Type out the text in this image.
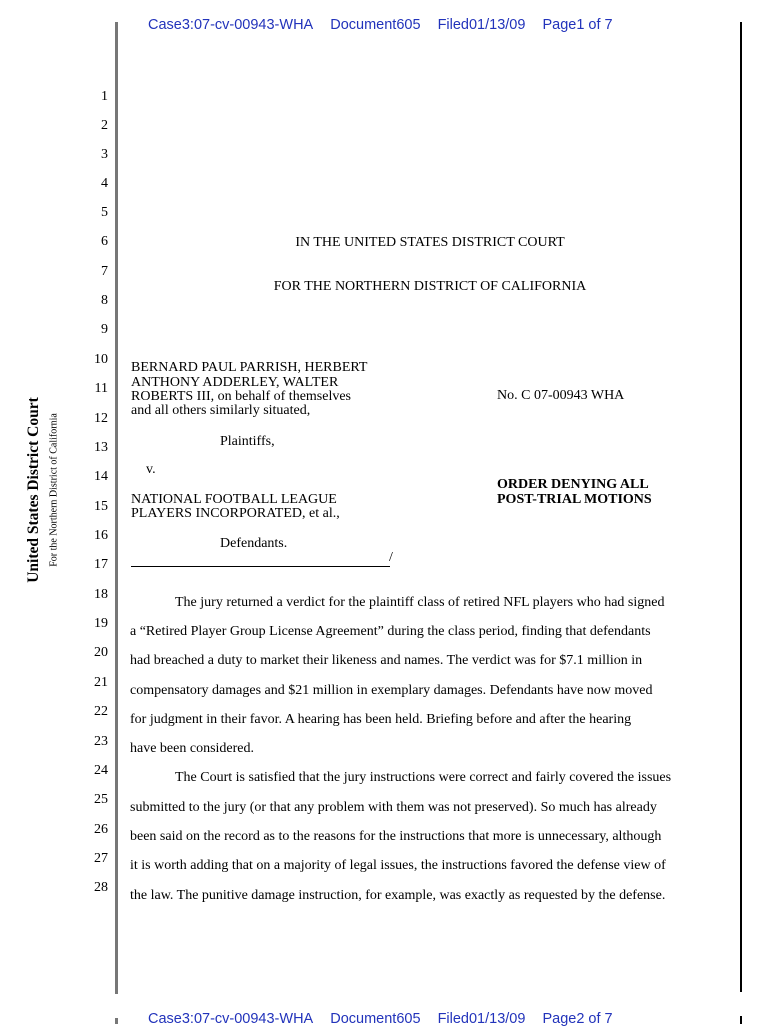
Case3:07-cv-00943-WHA Document605 Filed01/13/09 Page1 of 7
United States District Court For the Northern District of California
1
2
3
4
5
6
7
8
9
10
11
12
13
14
15
16
17
18
19
20
21
22
23
24
25
26
27
28
IN THE UNITED STATES DISTRICT COURT
FOR THE NORTHERN DISTRICT OF CALIFORNIA
BERNARD PAUL PARRISH, HERBERT
ANTHONY ADDERLEY, WALTER
ROBERTS III, on behalf of themselves
and all others similarly situated,
Plaintiffs,
v.
NATIONAL FOOTBALL LEAGUE
PLAYERS INCORPORATED, et al.,
Defendants.
/
No. C 07-00943 WHA
ORDER DENYING ALL
POST-TRIAL MOTIONS
The jury returned a verdict for the plaintiff class of retired NFL players who had signed
a “Retired Player Group License Agreement” during the class period, finding that defendants
had breached a duty to market their likeness and names. The verdict was for $7.1 million in
compensatory damages and $21 million in exemplary damages. Defendants have now moved
for judgment in their favor. A hearing has been held. Briefing before and after the hearing
have been considered.
The Court is satisfied that the jury instructions were correct and fairly covered the issues
submitted to the jury (or that any problem with them was not preserved). So much has already
been said on the record as to the reasons for the instructions that more is unnecessary, although
it is worth adding that on a majority of legal issues, the instructions favored the defense view of
the law. The punitive damage instruction, for example, was exactly as requested by the defense.
Case3:07-cv-00943-WHA Document605 Filed01/13/09 Page2 of 7
